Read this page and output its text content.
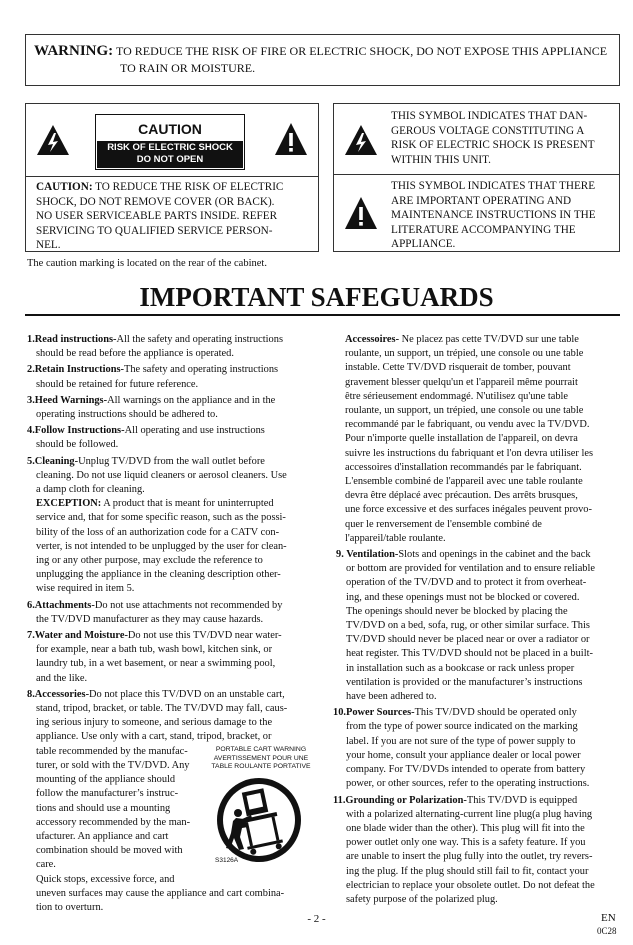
WARNING: TO REDUCE THE RISK OF FIRE OR ELECTRIC SHOCK, DO NOT EXPOSE THIS APPLIANCE
TO RAIN OR MOISTURE.
CAUTION
RISK OF ELECTRIC SHOCK
DO NOT OPEN
CAUTION: TO REDUCE THE RISK OF ELECTRIC
SHOCK, DO NOT REMOVE COVER (OR BACK).
NO USER SERVICEABLE PARTS INSIDE. REFER
SERVICING TO QUALIFIED SERVICE PERSON-
NEL.
THIS SYMBOL INDICATES THAT DAN-
GEROUS VOLTAGE CONSTITUTING A
RISK OF ELECTRIC SHOCK IS PRESENT
WITHIN THIS UNIT.
THIS SYMBOL INDICATES THAT THERE
ARE IMPORTANT OPERATING AND
MAINTENANCE INSTRUCTIONS IN THE
LITERATURE ACCOMPANYING THE
APPLIANCE.
The caution marking is located on the rear of the cabinet.
IMPORTANT SAFEGUARDS

1.Read instructions-All the safety and operating instructions
should be read before the appliance is operated.

2.Retain Instructions-The safety and operating instructions
should be retained for future reference.

3.Heed Warnings-All warnings on the appliance and in the
operating instructions should be adhered to.

4.Follow Instructions-All operating and use instructions
should be followed.

5.Cleaning-Unplug TV/DVD from the wall outlet before
cleaning. Do not use liquid cleaners or aerosol cleaners. Use
a damp cloth for cleaning.

EXCEPTION: A product that is meant for uninterrupted
service and, that for some specific reason, such as the possi-
bility of the loss of an authorization code for a CATV con-
verter, is not intended to be unplugged by the user for clean-
ing or any other purpose, may exclude the reference to
unplugging the appliance in the cleaning description other-
wise required in item 5.

6.Attachments-Do not use attachments not recommended by
the TV/DVD manufacturer as they may cause hazards.

7.Water and Moisture-Do not use this TV/DVD near water-
for example, near a bath tub, wash bowl, kitchen sink, or
laundry tub, in a wet basement, or near a swimming pool,
and the like.

8.Accessories-Do not place this TV/DVD on an unstable cart,
stand, tripod, bracket, or table. The TV/DVD may fall, caus-
ing serious injury to someone, and serious damage to the
appliance. Use only with a cart, stand, tripod, bracket, or
table recommended by the manufac-
turer, or sold with the TV/DVD. Any
mounting of the appliance should
follow the manufacturer’s instruc-
tions and should use a mounting
accessory recommended by the man-
ufacturer. An appliance and cart
combination should be moved with
care.
Quick stops, excessive force, and
uneven surfaces may cause the appliance and cart combina-
tion to overturn.

PORTABLE CART WARNING
AVERTISSEMENT POUR UNE
TABLE ROULANTE PORTATIVE
S3126A

Accessoires- Ne placez pas cette TV/DVD sur une table
roulante, un support, un trépied, une console ou une table
instable. Cette TV/DVD risquerait de tomber, pouvant
gravement blesser quelqu'un et l'appareil même pourrait
être sérieusement endommagé. N'utilisez qu'une table
roulante, un support, un trépied, une console ou une table
recommandé par le fabriquant, ou vendu avec la TV/DVD.
Pour n'importe quelle installation de l'appareil, on devra
suivre les instructions du fabriquant et l'on devra utiliser les
accessoires d'installation recommandés par le fabriquant.
L'ensemble combiné de l'appareil avec une table roulante
devra être déplacé avec précaution. Des arrêts brusques,
une force excessive et des surfaces inégales peuvent provo-
quer le renversement de l'ensemble combiné de
l'appareil/table roulante.

9. Ventilation-Slots and openings in the cabinet and the back
or bottom are provided for ventilation and to ensure reliable
operation of the TV/DVD and to protect it from overheat-
ing, and these openings must not be blocked or covered.
The openings should never be blocked by placing the
TV/DVD on a bed, sofa, rug, or other similar surface. This
TV/DVD should never be placed near or over a radiator or
heat register. This TV/DVD should not be placed in a built-
in installation such as a bookcase or rack unless proper
ventilation is provided or the manufacturer’s instructions
have been adhered to.

10.Power Sources-This TV/DVD should be operated only
from the type of power source indicated on the marking
label. If you are not sure of the type of power supply to
your home, consult your appliance dealer or local power
company. For TV/DVDs intended to operate from battery
power, or other sources, refer to the operating instructions.

11.Grounding or Polarization-This TV/DVD is equipped
with a polarized alternating-current line plug(a plug having
one blade wider than the other). This plug will fit into the
power outlet only one way. This is a safety feature. If you
are unable to insert the plug fully into the outlet, try revers-
ing the plug. If the plug should still fail to fit, contact your
electrician to replace your obsolete outlet. Do not defeat the
safety purpose of the polarized plug.

- 2 -	EN
0C28
